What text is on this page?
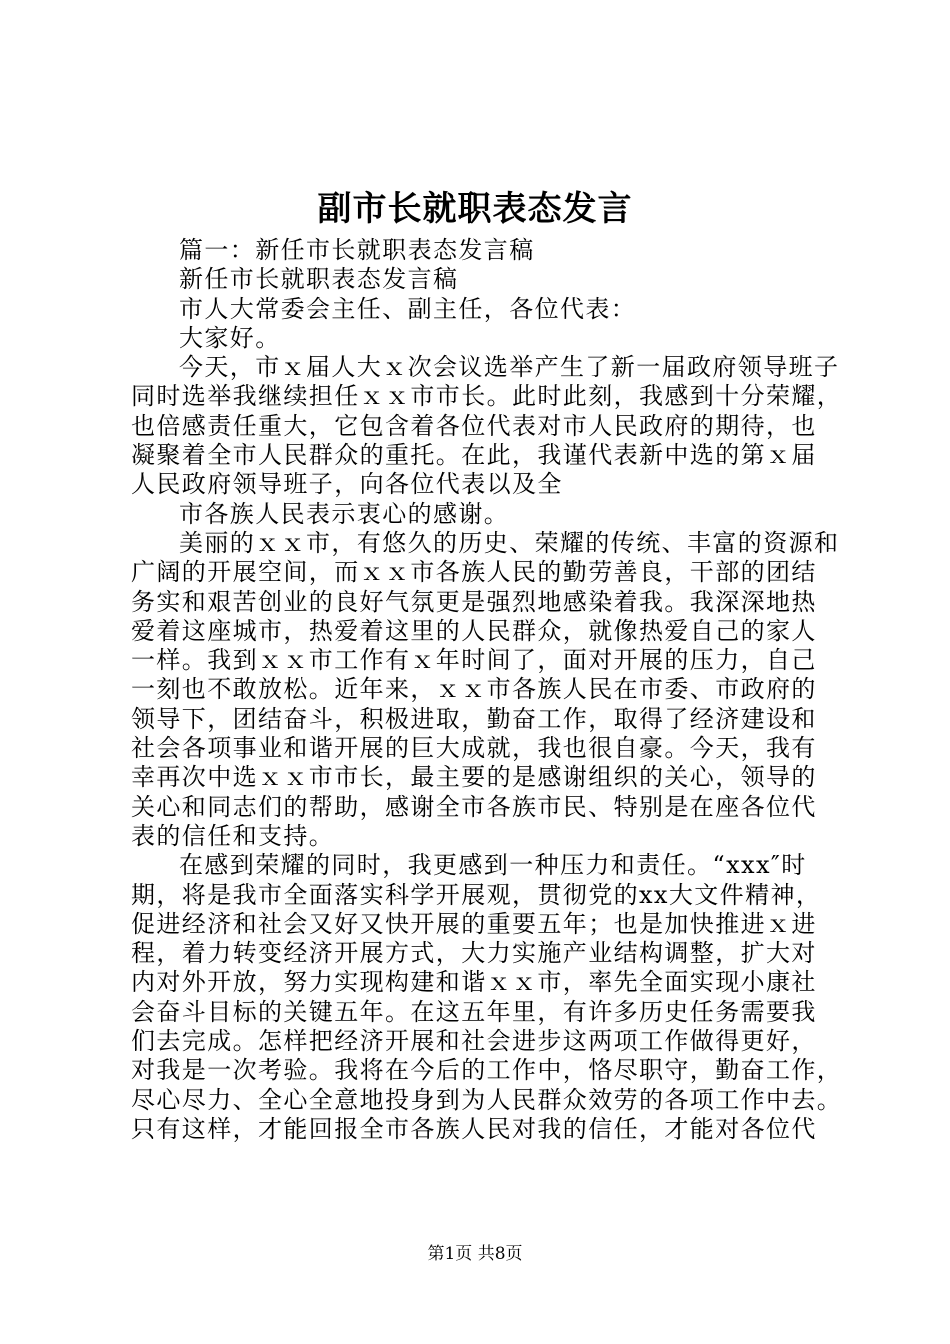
副市长就职表态发言
篇一：新任市长就职表态发言稿
新任市长就职表态发言稿
市人大常委会主任、副主任，各位代表：
大家好。
今天，市ｘ届人大ｘ次会议选举产生了新一届政府领导班子
同时选举我继续担任ｘｘ市市长。此时此刻，我感到十分荣耀，
也倍感责任重大，它包含着各位代表对市人民政府的期待，也
凝聚着全市人民群众的重托。在此，我谨代表新中选的第ｘ届
人民政府领导班子，向各位代表以及全
市各族人民表示衷心的感谢。
美丽的ｘｘ市，有悠久的历史、荣耀的传统、丰富的资源和
广阔的开展空间，而ｘｘ市各族人民的勤劳善良，干部的团结
务实和艰苦创业的良好气氛更是强烈地感染着我。我深深地热
爱着这座城市，热爱着这里的人民群众，就像热爱自己的家人
一样。我到ｘｘ市工作有ｘ年时间了，面对开展的压力，自己
一刻也不敢放松。近年来，ｘｘ市各族人民在市委、市政府的
领导下，团结奋斗，积极进取，勤奋工作，取得了经济建设和
社会各项事业和谐开展的巨大成就，我也很自豪。今天，我有
幸再次中选ｘｘ市市长，最主要的是感谢组织的关心，领导的
关心和同志们的帮助，感谢全市各族市民、特别是在座各位代
表的信任和支持。
在感到荣耀的同时，我更感到一种压力和责任。“xxx″时
期，将是我市全面落实科学开展观，贯彻党的xx大文件精神，
促进经济和社会又好又快开展的重要五年；也是加快推进ｘ进
程，着力转变经济开展方式，大力实施产业结构调整，扩大对
内对外开放，努力实现构建和谐ｘｘ市，率先全面实现小康社
会奋斗目标的关键五年。在这五年里，有许多历史任务需要我
们去完成。怎样把经济开展和社会进步这两项工作做得更好，
对我是一次考验。我将在今后的工作中，恪尽职守，勤奋工作，
尽心尽力、全心全意地投身到为人民群众效劳的各项工作中去。
只有这样，才能回报全市各族人民对我的信任，才能对各位代
第1页 共8页
